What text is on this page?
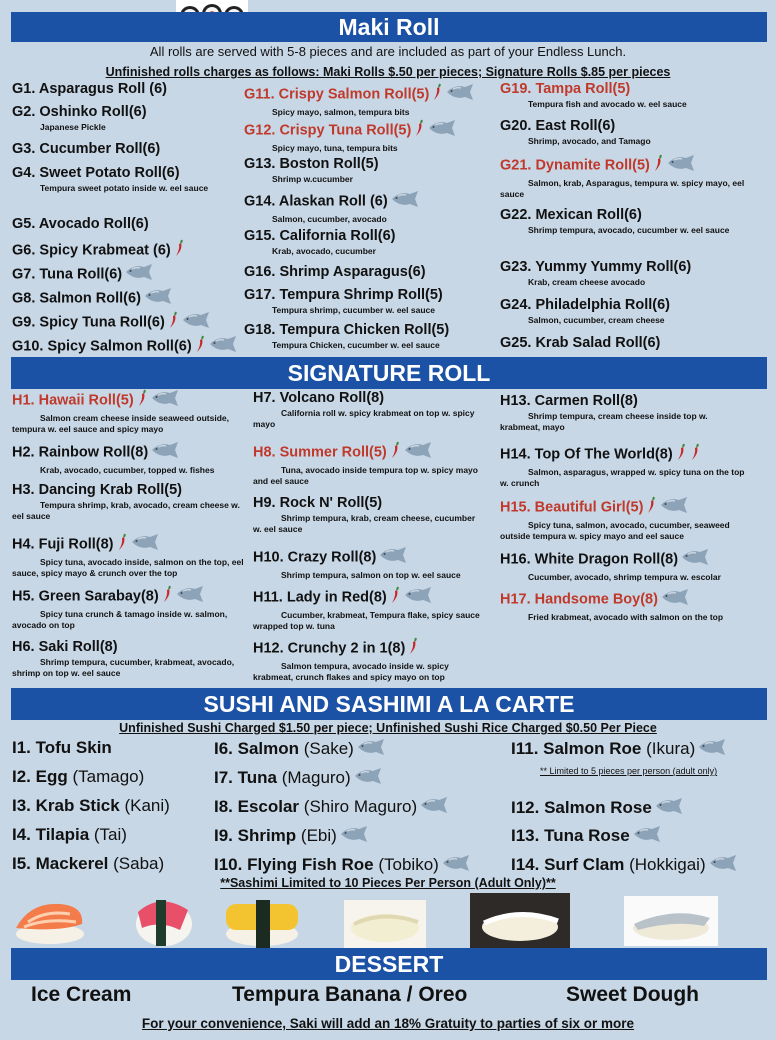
Maki Roll
All rolls are served with 5-8 pieces and are included as part of your Endless Lunch.
Unfinished rolls charges as follows: Maki Rolls $.50 per pieces; Signature Rolls $.85 per pieces
G1. Asparagus Roll (6)
G2. Oshinko Roll(6)
Japanese Pickle
G3. Cucumber Roll(6)
G4. Sweet Potato Roll(6)
Tempura sweet potato inside w. eel sauce
G5. Avocado Roll(6)
G6. Spicy Krabmeat (6)
G7. Tuna Roll(6)
G8. Salmon Roll(6)
G9. Spicy Tuna Roll(6)
G10. Spicy Salmon Roll(6)
G11. Crispy Salmon Roll(5)
Spicy mayo, salmon, tempura bits
G12. Crispy Tuna Roll(5)
Spicy mayo, tuna, tempura bits
G13. Boston Roll(5)
Shrimp w.cucumber
G14. Alaskan Roll (6)
Salmon, cucumber, avocado
G15. California Roll(6)
Krab, avocado, cucumber
G16. Shrimp Asparagus(6)
G17. Tempura Shrimp Roll(5)
Tempura shrimp, cucumber w. eel sauce
G18. Tempura Chicken Roll(5)
Tempura Chicken, cucumber w. eel sauce
G19. Tampa Roll(5)
Tempura fish and avocado w. eel sauce
G20. East Roll(6)
Shrimp, avocado, and Tamago
G21. Dynamite Roll(5)
Salmon, krab, Asparagus, tempura w. spicy mayo, eel sauce
G22. Mexican Roll(6)
Shrimp tempura, avocado, cucumber w. eel sauce
G23. Yummy Yummy Roll(6)
Krab, cream cheese avocado
G24. Philadelphia Roll(6)
Salmon, cucumber, cream cheese
G25. Krab Salad Roll(6)
SIGNATURE ROLL
H1. Hawaii Roll(5)
Salmon cream cheese inside seaweed outside, tempura w. eel sauce and spicy mayo
H2. Rainbow Roll(8)
Krab, avocado, cucumber, topped w. fishes
H3. Dancing Krab Roll(5)
Tempura shrimp, krab, avocado, cream cheese w. eel sauce
H4. Fuji Roll(8)
Spicy tuna, avocado inside, salmon on the top, eel sauce, spicy mayo & crunch over the top
H5. Green Sarabay(8)
Spicy tuna crunch & tamago inside w. salmon, avocado on top
H6. Saki Roll(8)
Shrimp tempura, cucumber, krabmeat, avocado, shrimp on top w. eel sauce
H7. Volcano Roll(8)
California roll w. spicy krabmeat on top w. spicy mayo
H8. Summer Roll(5)
Tuna, avocado inside tempura top w. spicy mayo and eel sauce
H9. Rock N' Roll(5)
Shrimp tempura, krab, cream cheese, cucumber w. eel sauce
H10. Crazy Roll(8)
Shrimp tempura, salmon on top w. eel sauce
H11. Lady in Red(8)
Cucumber, krabmeat, Tempura flake, spicy sauce wrapped top w. tuna
H12. Crunchy 2 in 1(8)
Salmon tempura, avocado inside w. spicy krabmeat, crunch flakes and spicy mayo on top
H13. Carmen Roll(8)
Shrimp tempura, cream cheese inside top w. krabmeat, mayo
H14. Top Of The World(8)
Salmon, asparagus, wrapped w. spicy tuna on the top w. crunch
H15. Beautiful Girl(5)
Spicy tuna, salmon, avocado, cucumber, seaweed outside tempura w. spicy mayo and eel sauce
H16. White Dragon Roll(8)
Cucumber, avocado, shrimp tempura w. escolar
H17. Handsome Boy(8)
Fried krabmeat, avocado with salmon on the top
SUSHI AND SASHIMI A LA CARTE
Unfinished Sushi Charged $1.50 per piece; Unfinished Sushi Rice Charged $0.50 Per Piece
I1. Tofu Skin
I2. Egg (Tamago)
I3. Krab Stick (Kani)
I4. Tilapia (Tai)
I5. Mackerel (Saba)
I6. Salmon (Sake)
I7. Tuna (Maguro)
I8. Escolar (Shiro Maguro)
I9. Shrimp (Ebi)
I10. Flying Fish Roe (Tobiko)
I11. Salmon Roe (Ikura)
I12. Salmon Rose
I13. Tuna Rose
I14. Surf Clam (Hokkigai)
** Limited to 5 pieces per person (adult only)
**Sashimi Limited to 10 Pieces Per Person (Adult Only)**
DESSERT
Ice Cream	Tempura Banana / Oreo	Sweet Dough
For your convenience, Saki will add an 18% Gratuity to parties of six or more
